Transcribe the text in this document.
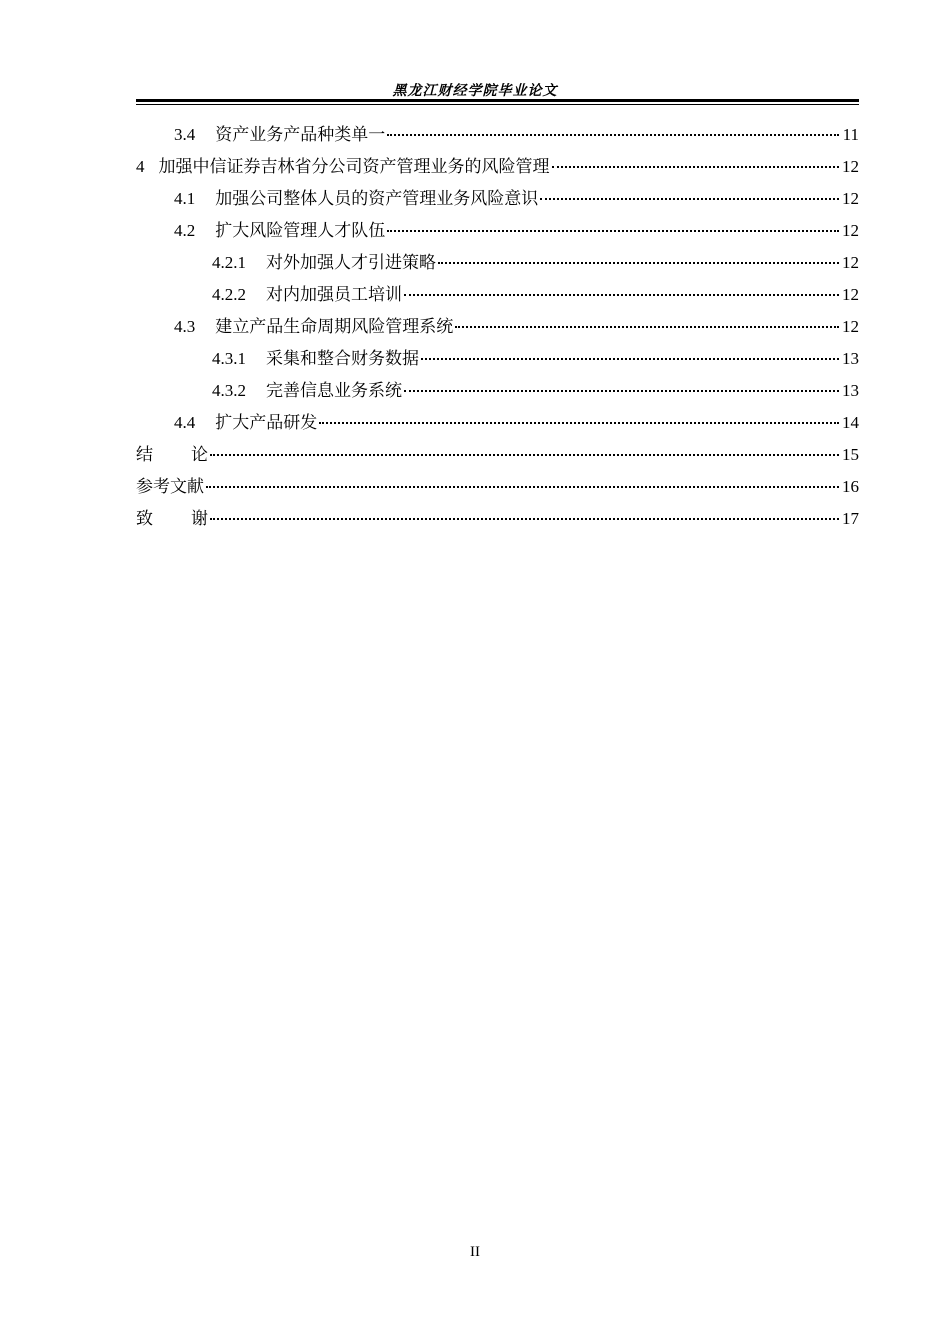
黑龙江财经学院毕业论文
3.4 资产业务产品种类单一	11
4 加强中信证券吉林省分公司资产管理业务的风险管理	12
4.1 加强公司整体人员的资产管理业务风险意识	12
4.2 扩大风险管理人才队伍	12
4.2.1 对外加强人才引进策略	12
4.2.2 对内加强员工培训	12
4.3 建立产品生命周期风险管理系统	12
4.3.1 采集和整合财务数据	13
4.3.2 完善信息业务系统	13
4.4 扩大产品研发	14
结 论	15
参考文献	16
致 谢	17
II
